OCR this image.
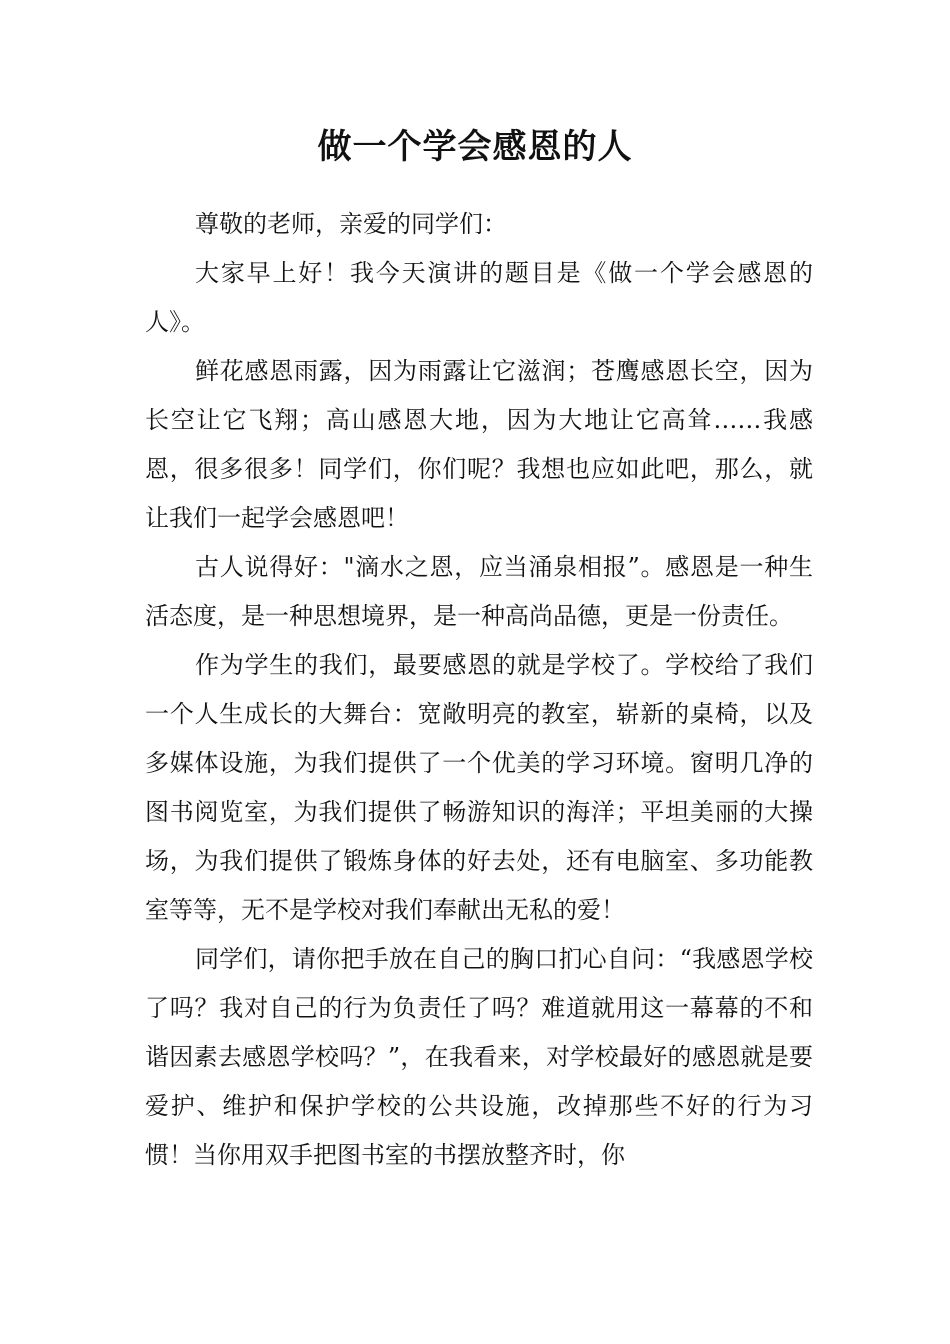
做一个学会感恩的人

尊敬的老师，亲爱的同学们：

大家早上好！我今天演讲的题目是《做一个学会感恩的人》。

鲜花感恩雨露，因为雨露让它滋润；苍鹰感恩长空，因为长空让它飞翔；高山感恩大地，因为大地让它高耸……我感恩，很多很多！同学们，你们呢？我想也应如此吧，那么，就让我们一起学会感恩吧！

古人说得好："滴水之恩，应当涌泉相报”。感恩是一种生活态度，是一种思想境界，是一种高尚品德，更是一份责任。

作为学生的我们，最要感恩的就是学校了。学校给了我们一个人生成长的大舞台：宽敞明亮的教室，崭新的桌椅，以及多媒体设施，为我们提供了一个优美的学习环境。窗明几净的图书阅览室，为我们提供了畅游知识的海洋；平坦美丽的大操场，为我们提供了锻炼身体的好去处，还有电脑室、多功能教室等等，无不是学校对我们奉献出无私的爱！

同学们，请你把手放在自己的胸口扪心自问：“我感恩学校了吗？我对自己的行为负责任了吗？难道就用这一幕幕的不和谐因素去感恩学校吗？”，在我看来，对学校最好的感恩就是要爱护、维护和保护学校的公共设施，改掉那些不好的行为习惯！当你用双手把图书室的书摆放整齐时，你
